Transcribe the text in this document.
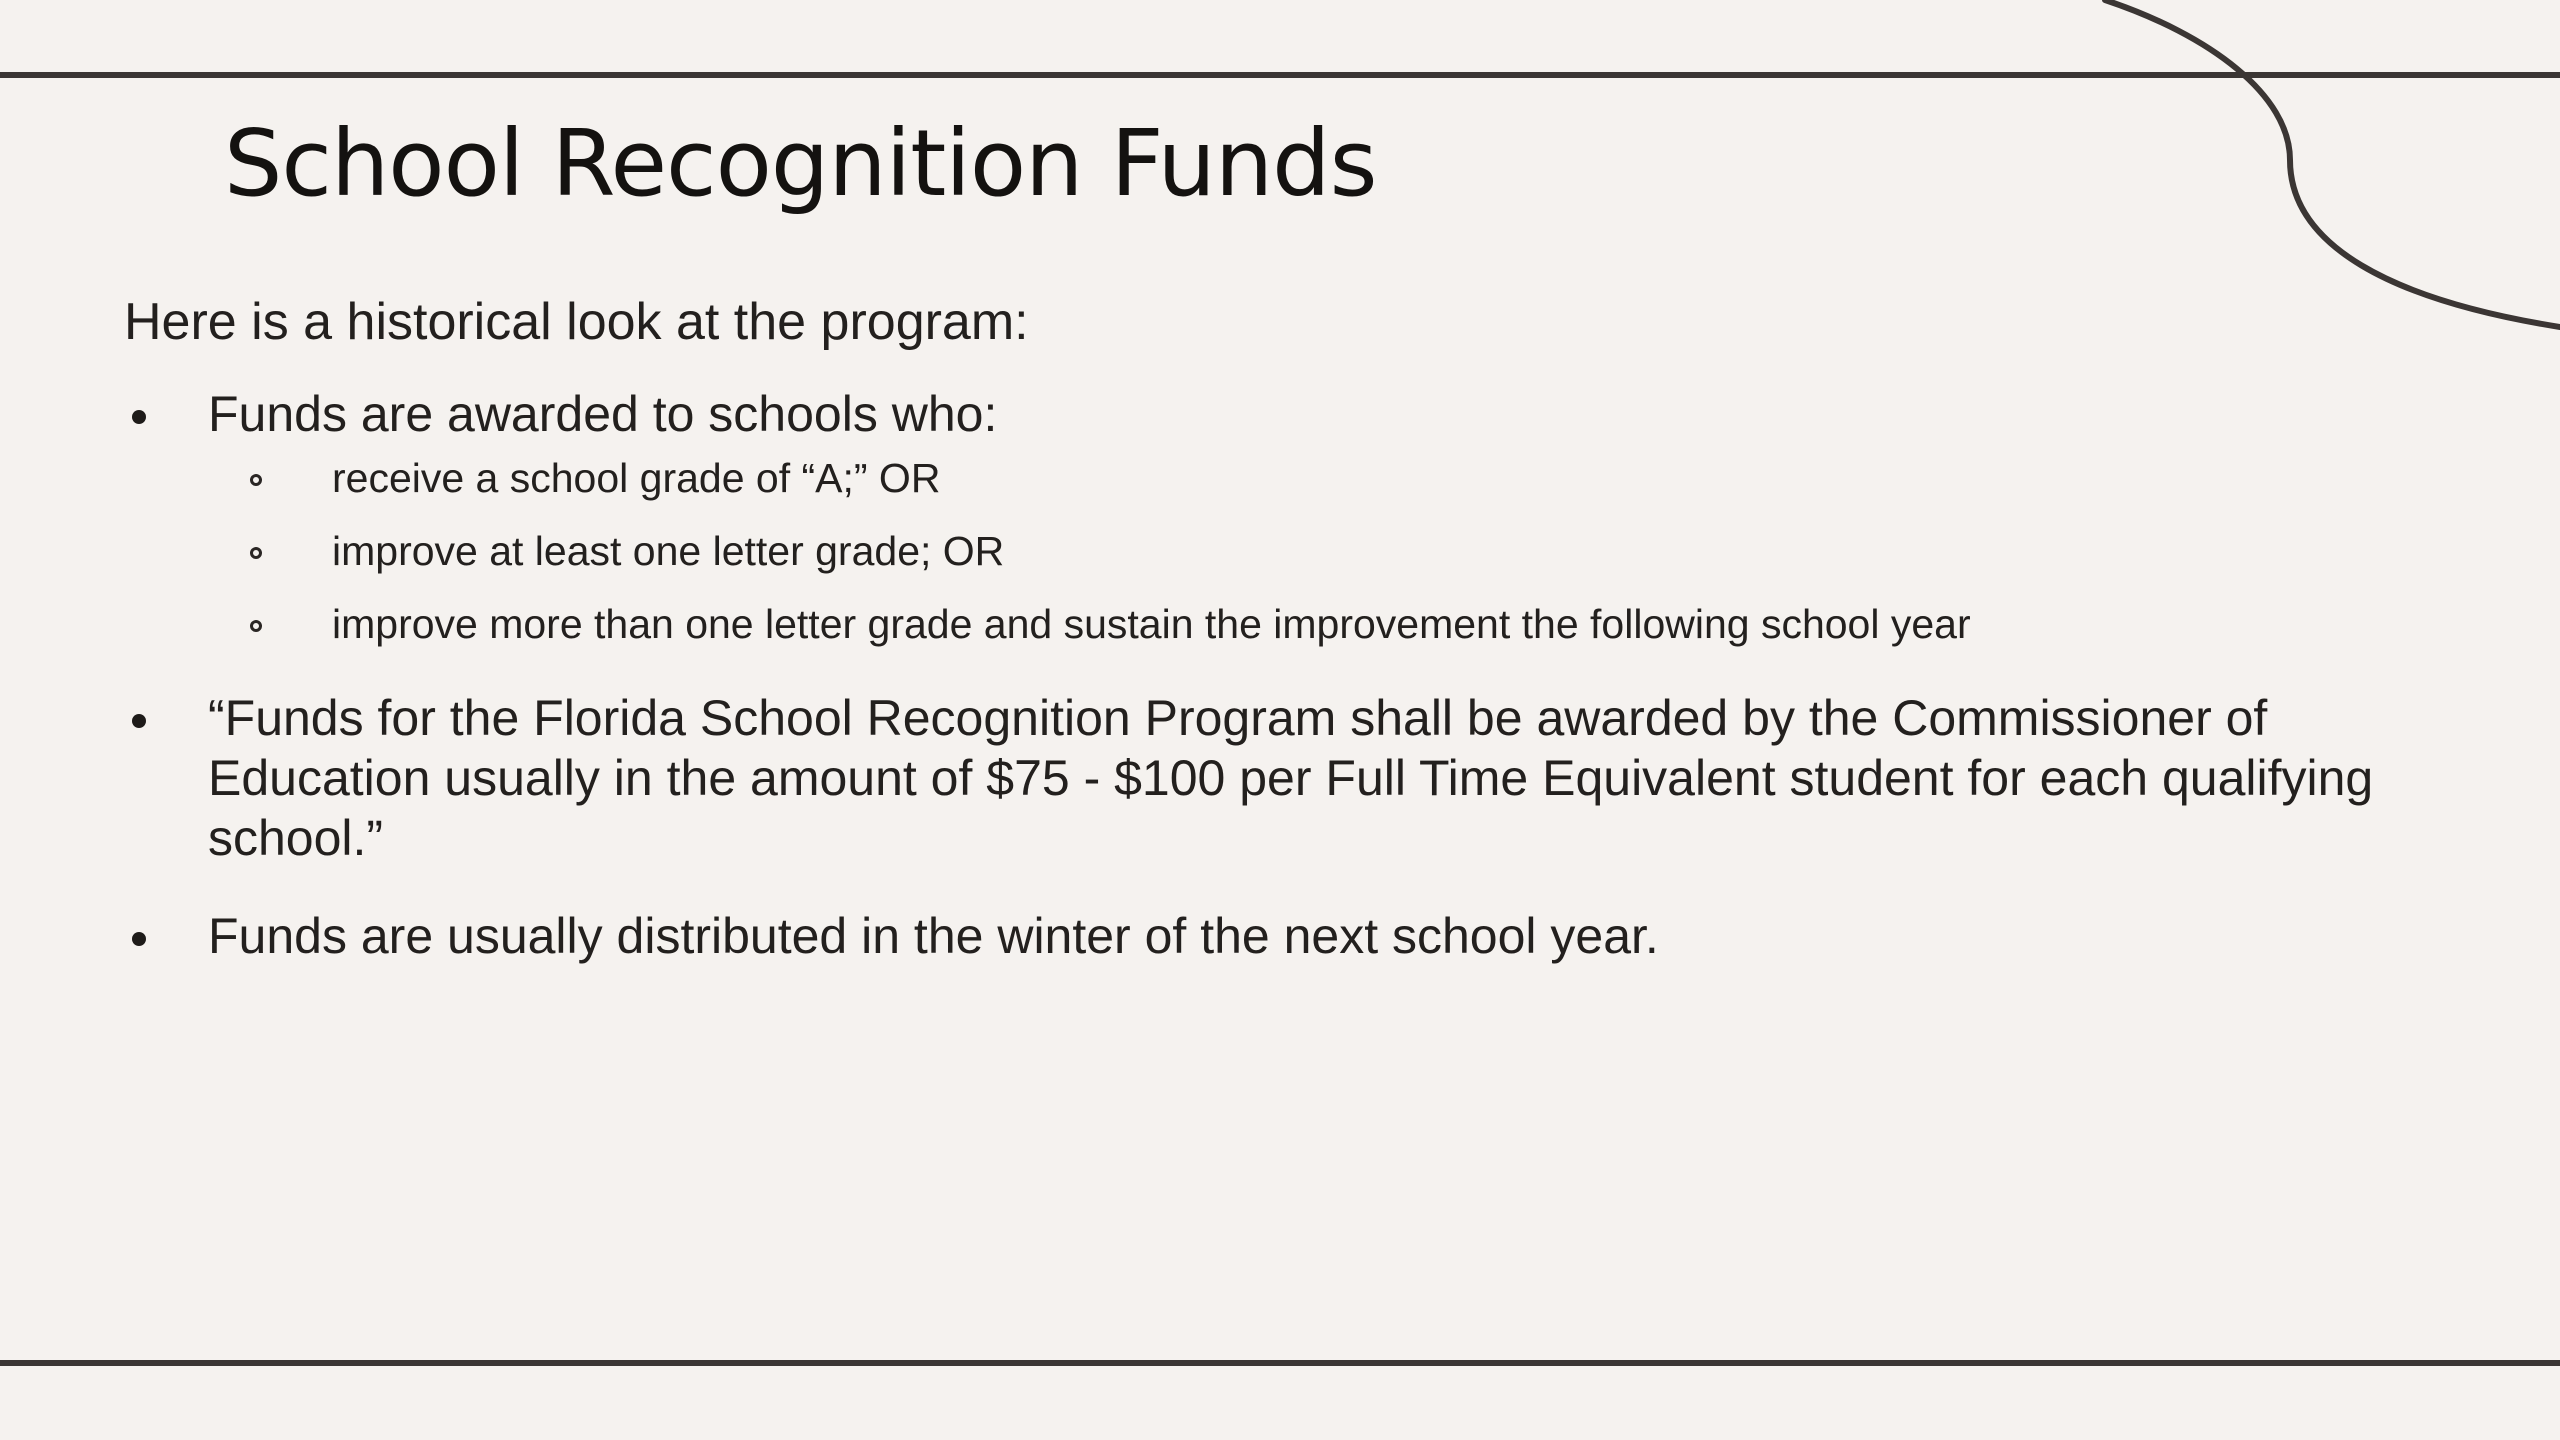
School Recognition Funds

Here is a historical look at the program:

Funds are awarded to schools who:
receive a school grade of “A;” OR
improve at least one letter grade; OR
improve more than one letter grade and sustain the improvement the following school year
“Funds for the Florida School Recognition Program shall be awarded by the Commissioner of Education usually in the amount of $75 - $100 per Full Time Equivalent student for each qualifying school.”
Funds are usually distributed in the winter of the next school year.
